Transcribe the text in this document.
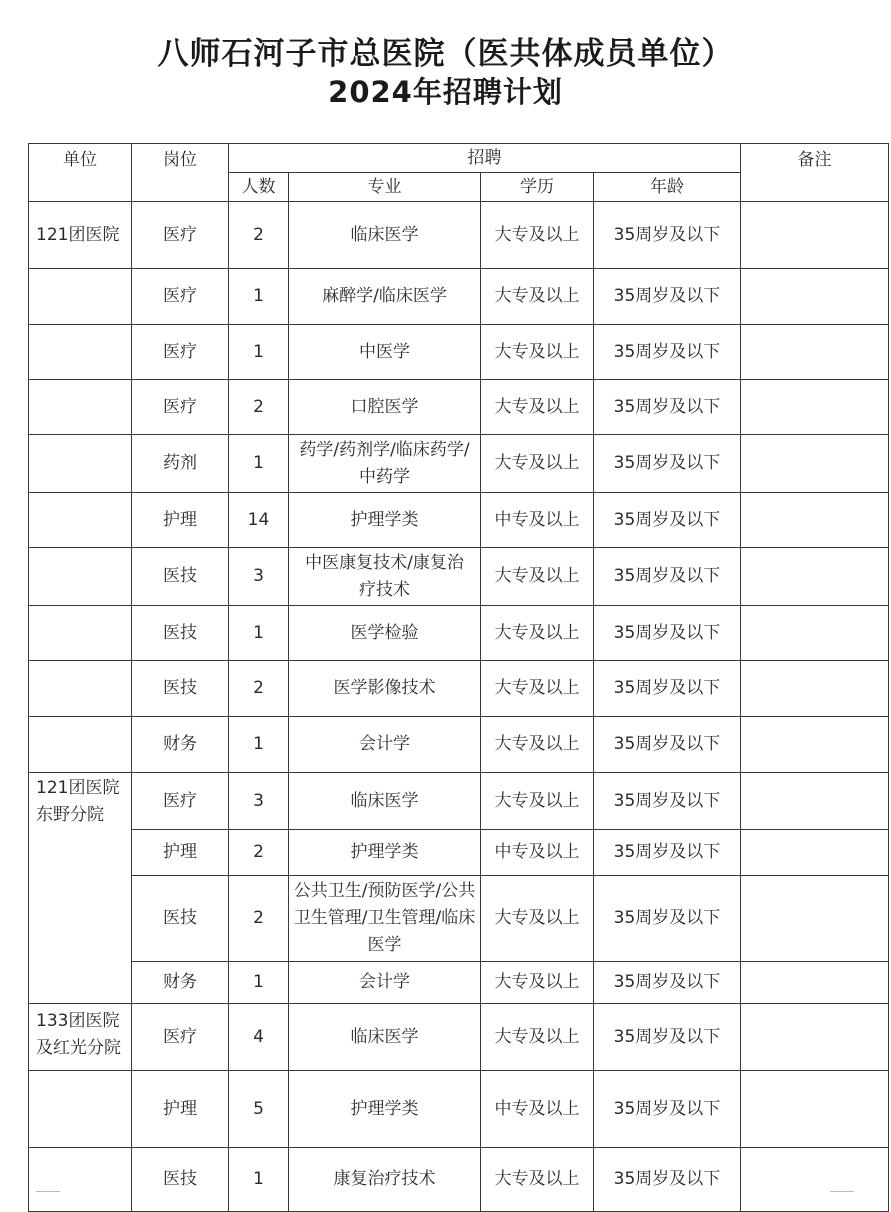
八师石河子市总医院（医共体成员单位）
2024年招聘计划
单位	岗位	招聘				备注
		人数	专业	学历	年龄	
121团医院	医疗	2	临床医学	大专及以上	35周岁及以下	
	医疗	1	麻醉学/临床医学	大专及以上	35周岁及以下	
	医疗	1	中医学	大专及以上	35周岁及以下	
	医疗	2	口腔医学	大专及以上	35周岁及以下	
	药剂	1	药学/药剂学/临床药学/中药学	大专及以上	35周岁及以下	
	护理	14	护理学类	中专及以上	35周岁及以下	
	医技	3	中医康复技术/康复治疗技术	大专及以上	35周岁及以下	
	医技	1	医学检验	大专及以上	35周岁及以下	
	医技	2	医学影像技术	大专及以上	35周岁及以下	
	财务	1	会计学	大专及以上	35周岁及以下	
121团医院东野分院	医疗	3	临床医学	大专及以上	35周岁及以下	
	护理	2	护理学类	中专及以上	35周岁及以下	
	医技	2	公共卫生/预防医学/公共卫生管理/卫生管理/临床医学	大专及以上	35周岁及以下	
	财务	1	会计学	大专及以上	35周岁及以下	
133团医院及红光分院	医疗	4	临床医学	大专及以上	35周岁及以下	
	护理	5	护理学类	中专及以上	35周岁及以下	
	医技	1	康复治疗技术	大专及以上	35周岁及以下	
